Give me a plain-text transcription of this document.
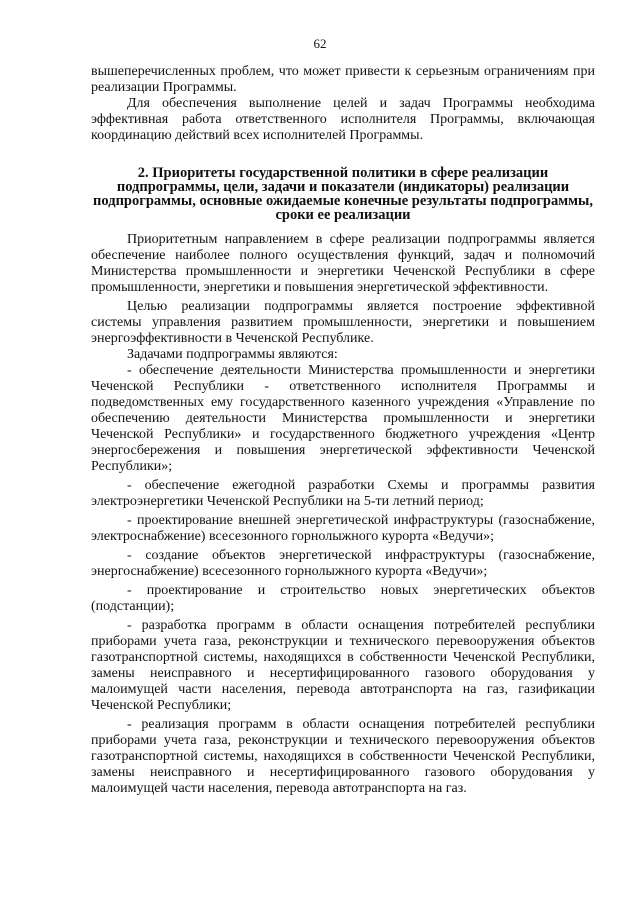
62

вышеперечисленных проблем, что может привести к серьезным ограничениям при реализации Программы.

Для обеспечения выполнение целей и задач Программы необходима эффективная работа ответственного исполнителя Программы, включающая координацию действий всех исполнителей Программы.

2. Приоритеты государственной политики в сфере реализации подпрограммы, цели, задачи и показатели (индикаторы) реализации подпрограммы, основные ожидаемые конечные результаты подпрограммы, сроки ее реализации

Приоритетным направлением в сфере реализации подпрограммы является обеспечение наиболее полного осуществления функций, задач и полномочий Министерства промышленности и энергетики Чеченской Республики в сфере промышленности, энергетики и повышения энергетической эффективности.

Целью реализации подпрограммы является построение эффективной системы управления развитием промышленности, энергетики и повышением энергоэффективности в Чеченской Республике.

Задачами подпрограммы являются:

- обеспечение деятельности Министерства промышленности и энергетики Чеченской Республики - ответственного исполнителя Программы и подведомственных ему государственного казенного учреждения «Управление по обеспечению деятельности Министерства промышленности и энергетики Чеченской Республики» и государственного бюджетного учреждения «Центр энергосбережения и повышения энергетической эффективности Чеченской Республики»;

- обеспечение ежегодной разработки Схемы и программы развития электроэнергетики Чеченской Республики на 5-ти летний период;

- проектирование внешней энергетической инфраструктуры (газоснабжение, электроснабжение) всесезонного горнолыжного курорта «Ведучи»;

- создание объектов энергетической инфраструктуры (газоснабжение, энергоснабжение) всесезонного горнолыжного курорта «Ведучи»;

- проектирование и строительство новых энергетических объектов (подстанции);

- разработка программ в области оснащения потребителей республики приборами учета газа, реконструкции и технического перевооружения объектов газотранспортной системы, находящихся в собственности Чеченской Республики, замены неисправного и несертифицированного газового оборудования у малоимущей части населения, перевода автотранспорта на газ, газификации Чеченской Республики;

- реализация программ в области оснащения потребителей республики приборами учета газа, реконструкции и технического перевооружения объектов газотранспортной системы, находящихся в собственности Чеченской Республики, замены неисправного и несертифицированного газового оборудования у малоимущей части населения, перевода автотранспорта на газ.
